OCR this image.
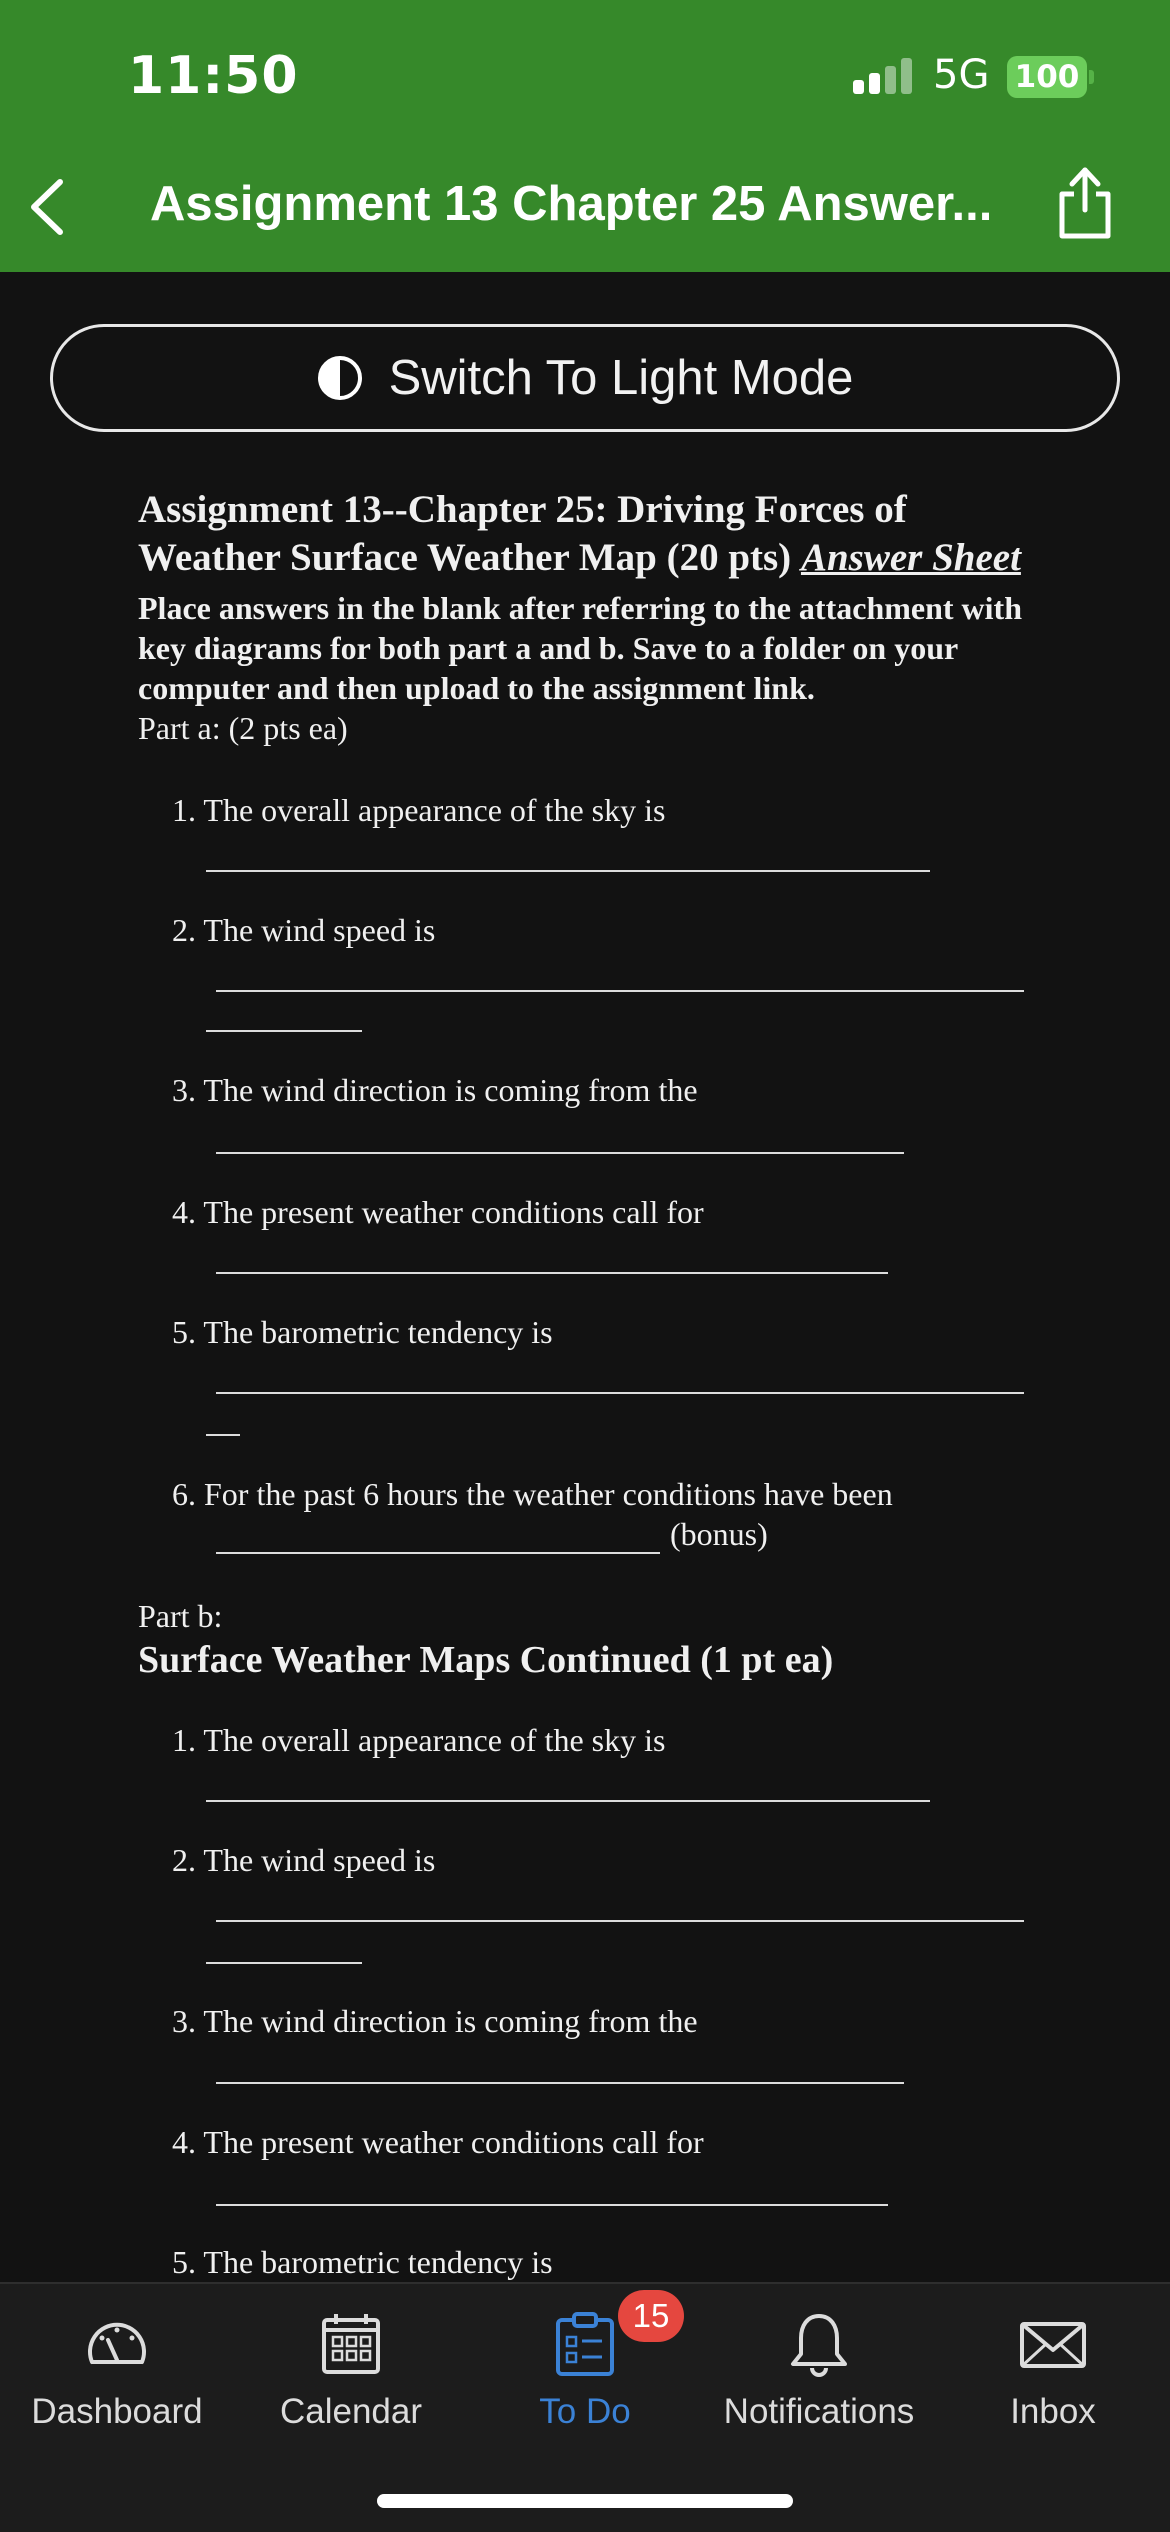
11:50	5G 100
Assignment 13 Chapter 25 Answer...
Switch To Light Mode
Assignment 13--Chapter 25: Driving Forces of Weather Surface Weather Map (20 pts) Answer Sheet
Place answers in the blank after referring to the attachment with key diagrams for both part a and b. Save to a folder on your computer and then upload to the assignment link.
Part a: (2 pts ea)
1. The overall appearance of the sky is
2. The wind speed is
3. The wind direction is coming from the
4. The present weather conditions call for
5. The barometric tendency is
6. For the past 6 hours the weather conditions have been
(bonus)
Part b:
Surface Weather Maps Continued (1 pt ea)
1. The overall appearance of the sky is
2. The wind speed is
3. The wind direction is coming from the
4. The present weather conditions call for
5. The barometric tendency is
Dashboard	Calendar	To Do	Notifications	Inbox
15
